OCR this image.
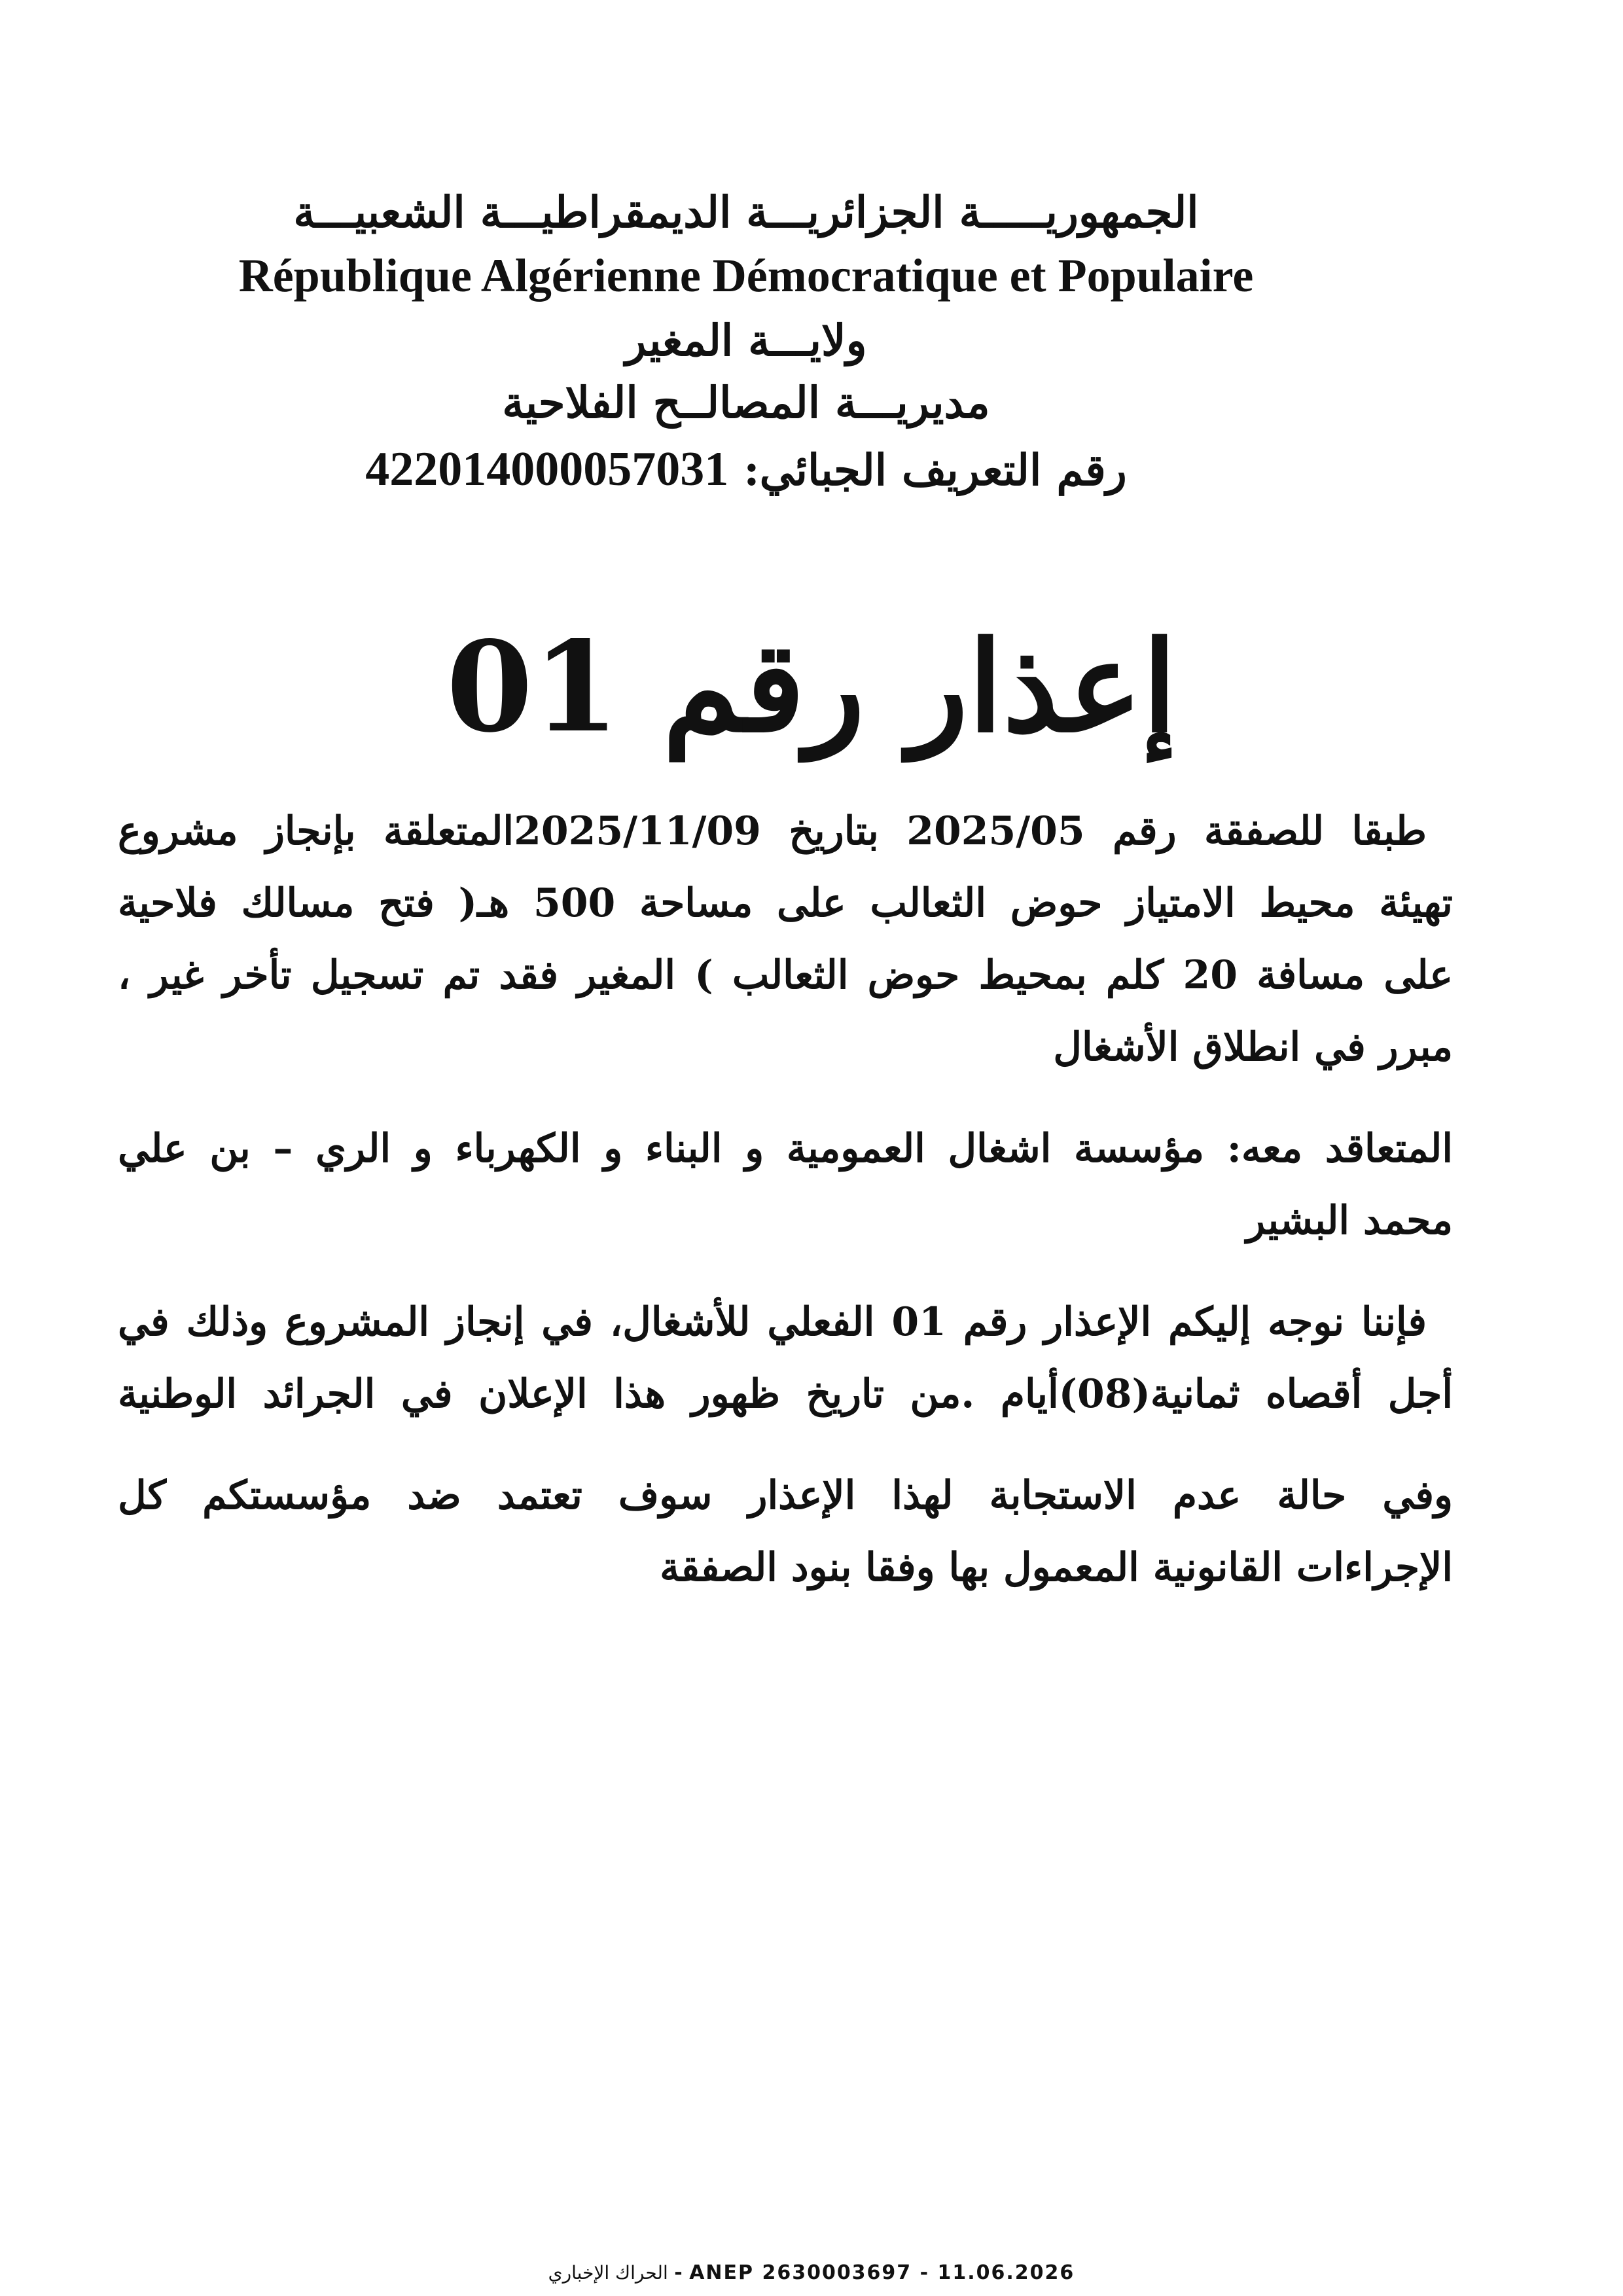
الجمهوريـــــة الجزائريـــة الديمقراطيـــة الشعبيـــة
République Algérienne Démocratique et Populaire
ولايـــة المغير
مديريـــة المصالــح الفلاحية
رقم التعريف الجبائي: 422014000057031
إعذار رقم 01

طبقا للصفقة رقم 2025/05 بتاريخ 2025/11/09المتعلقة بإنجاز مشروع
تهيئة محيط الامتياز حوض الثعالب على مساحة 500 هـ( فتح مسالك فلاحية
على مسافة 20 كلم بمحيط حوض الثعالب ) المغير فقد تم تسجيل تأخر غير ،
مبرر في انطلاق الأشغال

المتعاقد معه: مؤسسة اشغال العمومية و البناء و الكهرباء و الري – بن علي
محمد البشير

فإننا نوجه إليكم الإعذار رقم 01 الفعلي للأشغال، في إنجاز المشروع وذلك في
أجل أقصاه ثمانية(08)أيام .من تاريخ ظهور هذا الإعلان في الجرائد الوطنية

وفي حالة عدم الاستجابة لهذا الإعذار سوف تعتمد ضد مؤسستكم كل
الإجراءات القانونية المعمول بها وفقا بنود الصفقة

الحراك الإخباري - ANEP 2630003697 - 11.06.2026
